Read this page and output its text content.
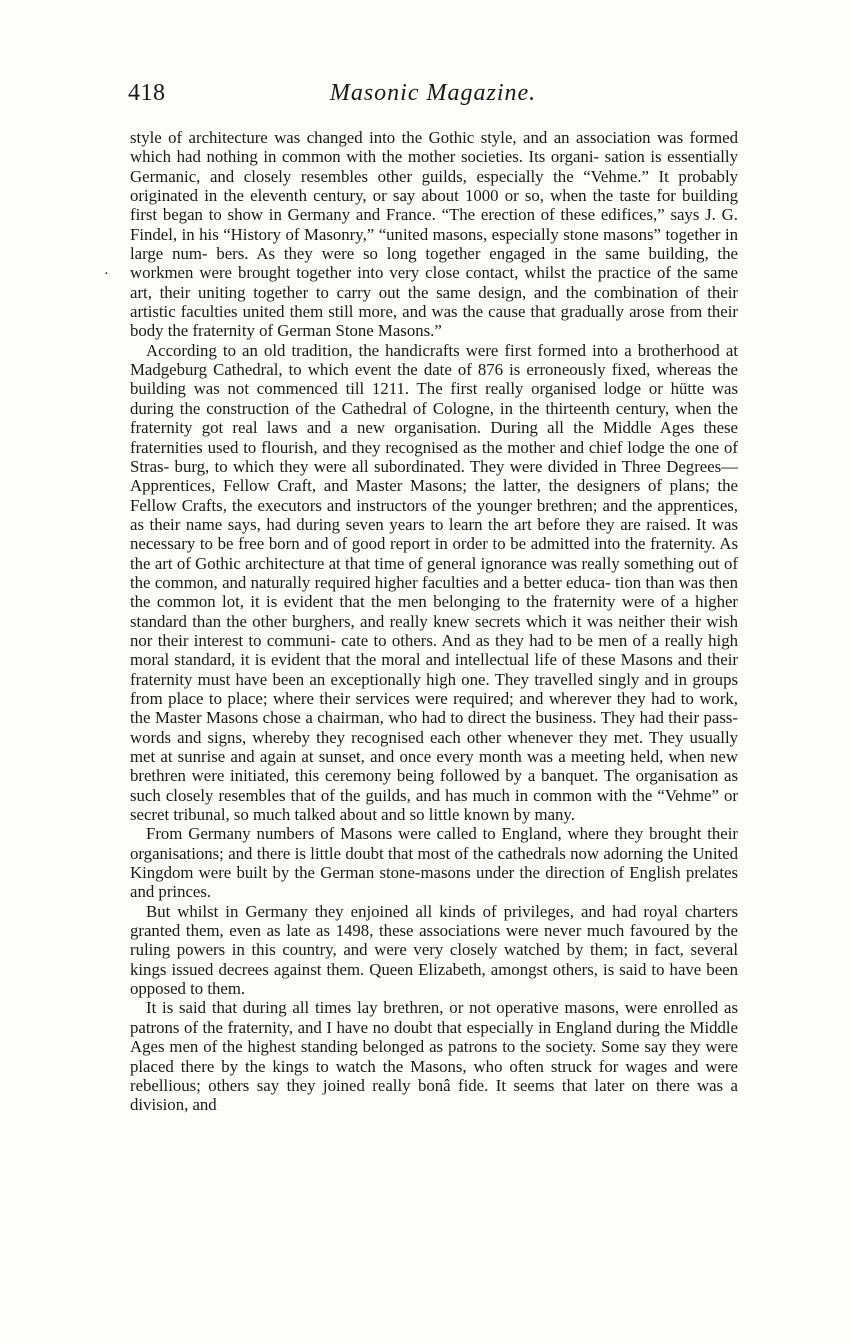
418	Masonic Magazine.
․

style of architecture was changed into the Gothic style, and an association was formed which had nothing in common with the mother societies. Its organi- sation is essentially Germanic, and closely resembles other guilds, especially the “Vehme.” It probably originated in the eleventh century, or say about 1000 or so, when the taste for building first began to show in Germany and France. “The erection of these edifices,” says J. G. Findel, in his “History of Masonry,” “united masons, especially stone masons” together in large num- bers. As they were so long together engaged in the same building, the workmen were brought together into very close contact, whilst the practice of the same art, their uniting together to carry out the same design, and the combination of their artistic faculties united them still more, and was the cause that gradually arose from their body the fraternity of German Stone Masons.”

According to an old tradition, the handicrafts were first formed into a brotherhood at Madgeburg Cathedral, to which event the date of 876 is erroneously fixed, whereas the building was not commenced till 1211. The first really organised lodge or hütte was during the construction of the Cathedral of Cologne, in the thirteenth century, when the fraternity got real laws and a new organisation. During all the Middle Ages these fraternities used to flourish, and they recognised as the mother and chief lodge the one of Stras- burg, to which they were all subordinated. They were divided in Three Degrees—Apprentices, Fellow Craft, and Master Masons; the latter, the designers of plans; the Fellow Crafts, the executors and instructors of the younger brethren; and the apprentices, as their name says, had during seven years to learn the art before they are raised. It was necessary to be free born and of good report in order to be admitted into the fraternity. As the art of Gothic architecture at that time of general ignorance was really something out of the common, and naturally required higher faculties and a better educa- tion than was then the common lot, it is evident that the men belonging to the fraternity were of a higher standard than the other burghers, and really knew secrets which it was neither their wish nor their interest to communi- cate to others. And as they had to be men of a really high moral standard, it is evident that the moral and intellectual life of these Masons and their fraternity must have been an exceptionally high one. They travelled singly and in groups from place to place; where their services were required; and wherever they had to work, the Master Masons chose a chairman, who had to direct the business. They had their pass-words and signs, whereby they recognised each other whenever they met. They usually met at sunrise and again at sunset, and once every month was a meeting held, when new brethren were initiated, this ceremony being followed by a banquet. The organisation as such closely resembles that of the guilds, and has much in common with the “Vehme” or secret tribunal, so much talked about and so little known by many.

From Germany numbers of Masons were called to England, where they brought their organisations; and there is little doubt that most of the cathedrals now adorning the United Kingdom were built by the German stone-masons under the direction of English prelates and princes.

But whilst in Germany they enjoined all kinds of privileges, and had royal charters granted them, even as late as 1498, these associations were never much favoured by the ruling powers in this country, and were very closely watched by them; in fact, several kings issued decrees against them. Queen Elizabeth, amongst others, is said to have been opposed to them.

It is said that during all times lay brethren, or not operative masons, were enrolled as patrons of the fraternity, and I have no doubt that especially in England during the Middle Ages men of the highest standing belonged as patrons to the society. Some say they were placed there by the kings to watch the Masons, who often struck for wages and were rebellious; others say they joined really bonâ fide. It seems that later on there was a division, and
